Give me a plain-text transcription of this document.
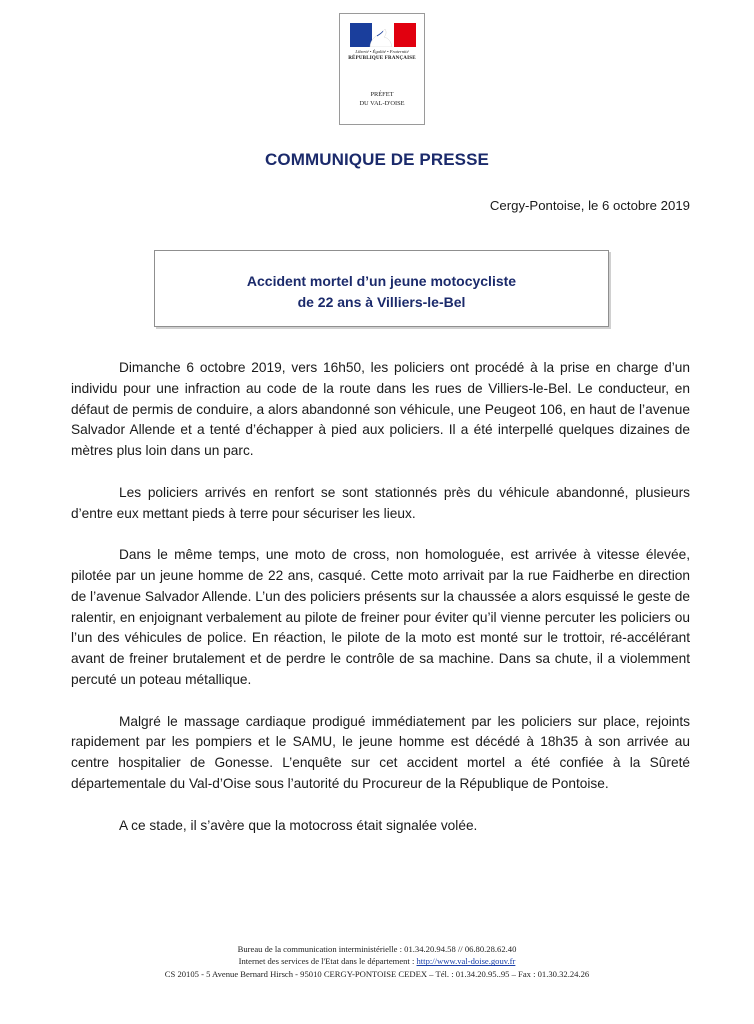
Liberté • Égalité • Fraternité
RÉPUBLIQUE FRANÇAISE
PRÉFET
DU VAL-D'OISE
COMMUNIQUE DE PRESSE
Cergy-Pontoise, le 6 octobre 2019
Accident mortel d’un jeune motocycliste
de 22 ans à Villiers-le-Bel

Dimanche 6 octobre 2019, vers 16h50, les policiers ont procédé à la prise en charge d’un individu pour une infraction au code de la route dans les rues de Villiers-le-Bel. Le conducteur, en défaut de permis de conduire, a alors abandonné son véhicule, une Peugeot 106, en haut de l’avenue Salvador Allende et a tenté d’échapper à pied aux policiers. Il a été interpellé quelques dizaines de mètres plus loin dans un parc.

Les policiers arrivés en renfort se sont stationnés près du véhicule abandonné, plusieurs d’entre eux mettant pieds à terre pour sécuriser les lieux.

Dans le même temps, une moto de cross, non homologuée, est arrivée à vitesse élevée, pilotée par un jeune homme de 22 ans, casqué. Cette moto arrivait par la rue Faidherbe en direction de l’avenue Salvador Allende. L’un des policiers présents sur la chaussée a alors esquissé le geste de ralentir, en enjoignant verbalement au pilote de freiner pour éviter qu’il vienne percuter les policiers ou l’un des véhicules de police. En réaction, le pilote de la moto est monté sur le trottoir, ré-accélérant avant de freiner brutalement et de perdre le contrôle de sa machine. Dans sa chute, il a violemment percuté un poteau métallique.

Malgré le massage cardiaque prodigué immédiatement par les policiers sur place, rejoints rapidement par les pompiers et le SAMU, le jeune homme est décédé à 18h35 à son arrivée au centre hospitalier de Gonesse. L’enquête sur cet accident mortel a été confiée à la Sûreté départementale du Val-d’Oise sous l’autorité du Procureur de la République de Pontoise.

A ce stade, il s’avère que la motocross était signalée volée.

Bureau de la communication interministérielle : 01.34.20.94.58 // 06.80.28.62.40
Internet des services de l'Etat dans le département : http://www.val-doise.gouv.fr
CS 20105 - 5 Avenue Bernard Hirsch - 95010 CERGY-PONTOISE CEDEX – Tél. : 01.34.20.95..95 – Fax : 01.30.32.24.26
